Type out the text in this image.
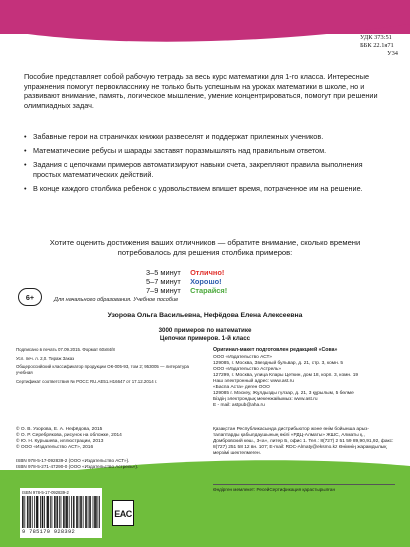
УДК 373:51
ББК 22.1я71
У34

Пособие представляет собой рабочую тетрадь за весь курс математики для 1-го класса. Интересные упражнения помогут первокласснику не только быть успешным на уроках математики в школе, но и развивают внимание, память, логическое мышление, умение концентрироваться, помогут при решении олимпиадных задач.

• Забавные герои на страничках книжки развеселят и поддержат прилежных учеников.
• Математические ребусы и шарады заставят поразмышлять над правильным ответом.
• Задания с цепочками примеров автоматизируют навыки счета, закрепляют правила выполнения простых математических действий.
• В конце каждого столбика ребенок с удовольствием впишет время, потраченное им на решение.

Хотите оценить достижения ваших отличников — обратите внимание, сколько времени потребовалось для решения столбика примеров:

3–5 минут Отлично!
5–7 минут Хорошо!
7–9 минут Старайся!
6+	Для начального образования. Учебное пособие
Узорова Ольга Васильевна, Нефёдова Елена Алексеевна
3000 примеров по математике
Цепочки примеров. 1-й класс

Подписано в печать 07.09.2015. Формат 60x84/8

Усл. печ. л. 2,0. Тираж Заказ

Общероссийский классификатор продукции ОК-005-93, том 2; 953005 — литература учебная

Сертификат соответствия № РОСС RU.AE51.H16647 от 17.12.2014 г.

Оригинал-макет подготовлен редакцией «Сова»
ООО «Издательство АСТ»
129085, г. Москва, Звездный бульвар, д. 21, стр. 3, комн. 5
ООО «Издательство Астрель»
127299, г. Москва, улица Клары Цеткин, дом 18, корп. 3, комн. 19
Наш электронный адрес: www.ast.ru
«Баспа Аста» деген ООО
129085 г. Мәскеу, Жұлдызды гүлзар, д. 21, 3 құрылым, 5 бөлме
Біздің электрондық мекенжайымыз: www.ast.ru
E - mail: astpub@aha.ru
© О. В. Узорова, Е. А. Нефёдова, 2015
© О. Р. Серебрякова, рисунок на обложке, 2014
© Ю. Н. Курышева, иллюстрации, 2013
© ООО «Издательство АСТ», 2016
Қазақстан Республикасында дистрибьютор және өнім бойынша арыз-талаптарды қабылдаушының өкілі «РДЦ-Алматы» ЖШС, Алматы қ., Домбровский көш., 3«а», литер Б, офис 1. Тел.: 8(727) 2 51 59 89,90,91,92, факс: 8(727) 251 58 12 вн. 107; E-mail: RDC-Almaty@eksmo.kz Өнімнің жарамдылық мерзімі шектелмеген.
ISBN 978-5-17-092839-2 (ООО «Издательство АСТ»).
ISBN 978-5-271-47290-0 (ООО «Издательство Астрель»).
Өндірген мемлекет: РесейСертификация қарастырылған
ISBN 978-5-17-092839-2
9 785170 928392
EAC
